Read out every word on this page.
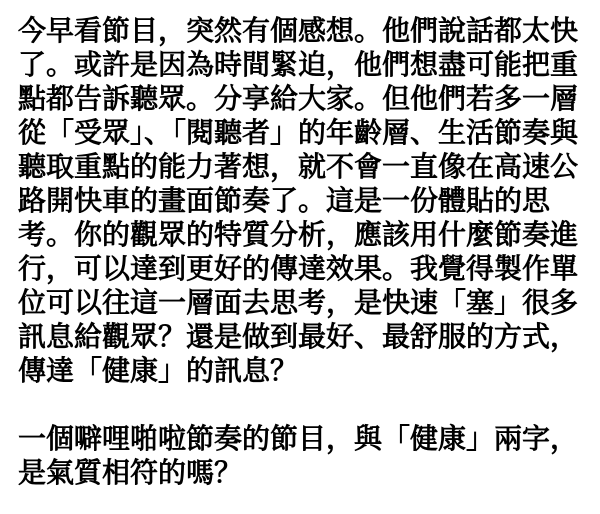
今早看節目，突然有個感想。他們說話都太快
了。或許是因為時間緊迫，他們想盡可能把重
點都告訴聽眾。分享給大家。但他們若多一層
從「受眾」、「閱聽者」的年齡層、生活節奏與
聽取重點的能力著想，就不會一直像在高速公
路開快車的畫面節奏了。這是一份體貼的思
考。你的觀眾的特質分析，應該用什麼節奏進
行，可以達到更好的傳達效果。我覺得製作單
位可以往這一層面去思考，是快速「塞」很多
訊息給觀眾？還是做到最好、最舒服的方式，
傳達「健康」的訊息？
一個噼哩啪啦節奏的節目，與「健康」兩字，
是氣質相符的嗎？
